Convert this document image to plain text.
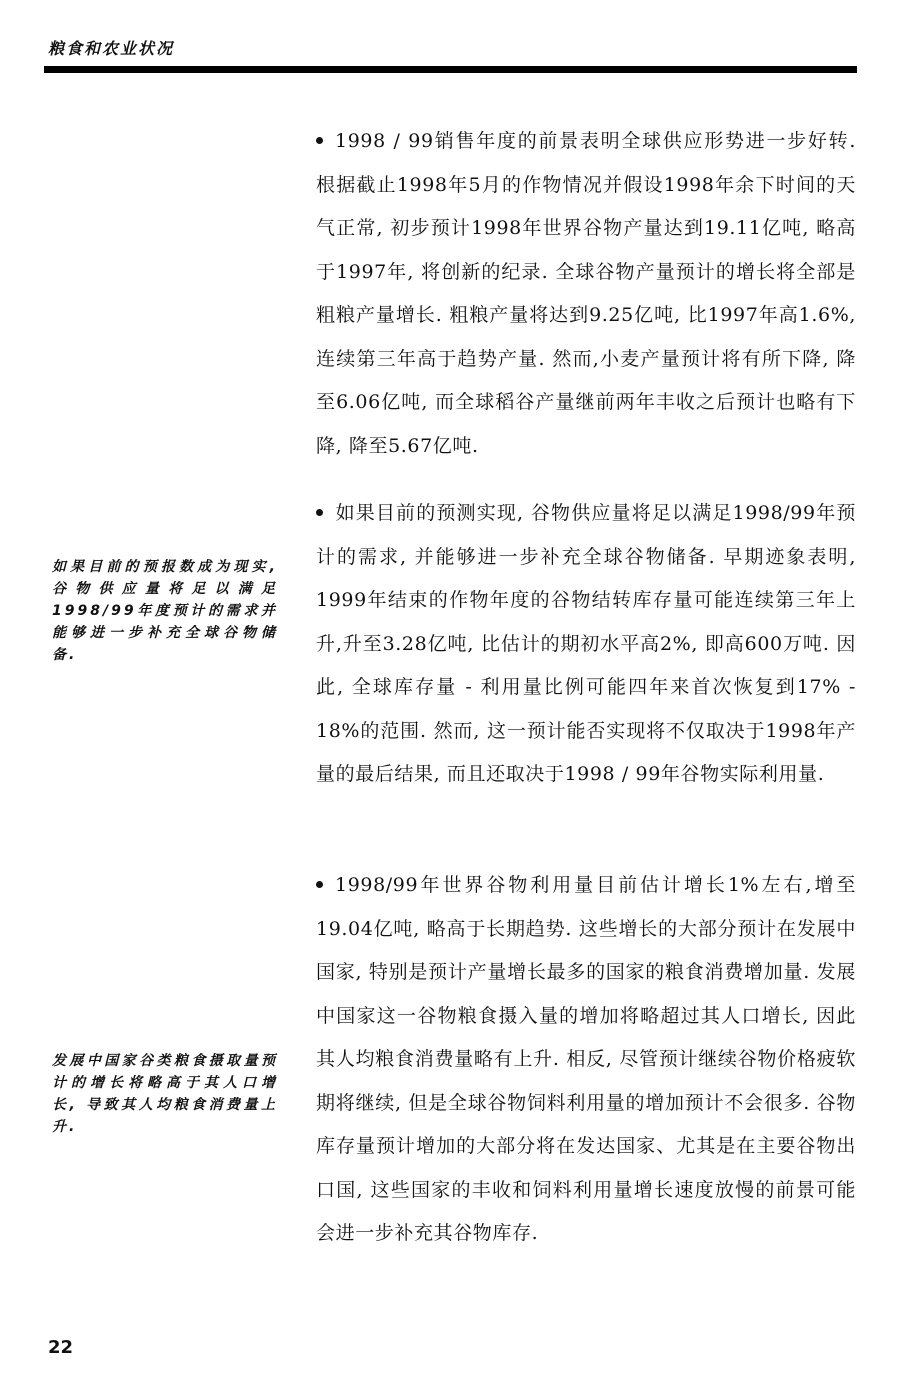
粮食和农业状况

1998 / 99销售年度的前景表明全球供应形势进一步好转. 根据截止1998年5月的作物情况并假设1998年余下时间的天气正常, 初步预计1998年世界谷物产量达到19.11亿吨, 略高于1997年, 将创新的纪录. 全球谷物产量预计的增长将全部是粗粮产量增长. 粗粮产量将达到9.25亿吨, 比1997年高1.6%, 连续第三年高于趋势产量. 然而,小麦产量预计将有所下降, 降至6.06亿吨, 而全球稻谷产量继前两年丰收之后预计也略有下降, 降至5.67亿吨.

如果目前的预测实现, 谷物供应量将足以满足1998/99年预计的需求, 并能够进一步补充全球谷物储备. 早期迹象表明, 1999年结束的作物年度的谷物结转库存量可能连续第三年上升,升至3.28亿吨, 比估计的期初水平高2%, 即高600万吨. 因此, 全球库存量 - 利用量比例可能四年来首次恢复到17% - 18%的范围. 然而, 这一预计能否实现将不仅取决于1998年产量的最后结果, 而且还取决于1998 / 99年谷物实际利用量.

1998/99年世界谷物利用量目前估计增长1%左右,增至19.04亿吨, 略高于长期趋势. 这些增长的大部分预计在发展中国家, 特别是预计产量增长最多的国家的粮食消费增加量. 发展中国家这一谷物粮食摄入量的增加将略超过其人口增长, 因此其人均粮食消费量略有上升. 相反, 尽管预计继续谷物价格疲软期将继续, 但是全球谷物饲料利用量的增加预计不会很多. 谷物库存量预计增加的大部分将在发达国家、尤其是在主要谷物出口国, 这些国家的丰收和饲料利用量增长速度放慢的前景可能会进一步补充其谷物库存.

如果目前的预报数成为现实, 谷物供应量将足以满足1998/99年度预计的需求并能够进一步补充全球谷物储备.

发展中国家谷类粮食摄取量预计的增长将略高于其人口增长, 导致其人均粮食消费量上升.

22
